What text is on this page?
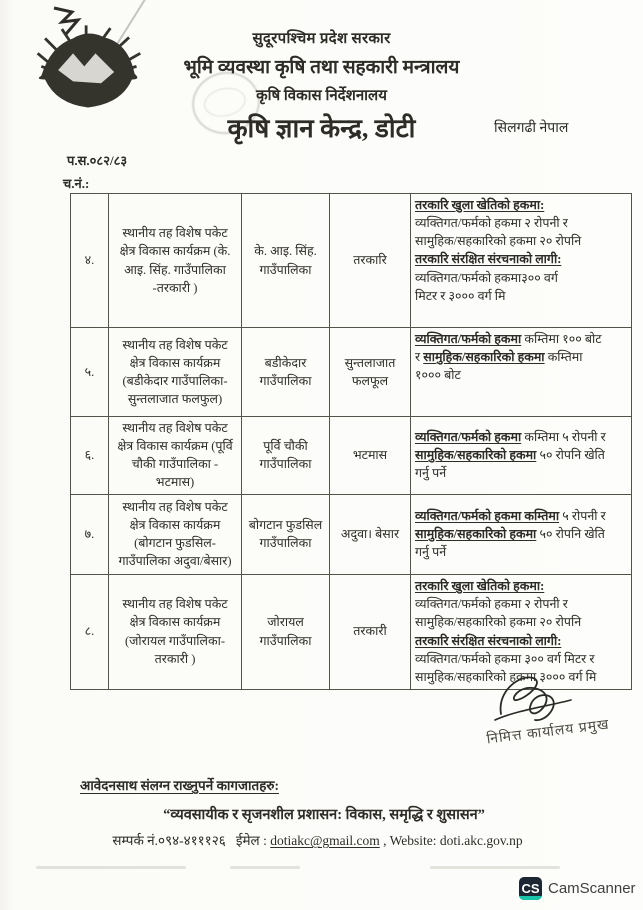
सुदूरपश्चिम प्रदेश सरकार
भूमि व्यवस्था कृषि तथा सहकारी मन्त्रालय
कृषि विकास निर्देशनालय
कृषि ज्ञान केन्द्र, डोटी	सिलगढी नेपाल
प.स.०८२/८३
च.नं.:
४.	स्थानीय तह विशेष पकेट क्षेत्र विकास कार्यक्रम (के. आइ. सिंह. गाउँपालिका -तरकारी )	के. आइ. सिंह. गाउँपालिका	तरकारि	
तरकारि खुला खेतिको हकमा:
व्यक्तिगत/फर्मको हकमा २ रोपनी र
सामुहिक/सहकारिको हकमा २० रोपनि
तरकारि संरक्षित संरचनाको लागी:
व्यक्तिगत/फर्मको हकमा३०० वर्ग
मिटर र ३००० वर्ग मि

५.	स्थानीय तह विशेष पकेट क्षेत्र विकास कार्यक्रम (बडीकेदार गाउँपालिका- सुन्तलाजात फलफुल)	बडीकेदार गाउँपालिका	सुन्तलाजात फलफूल	व्यक्तिगत/फर्मको हकमा कम्तिमा १०० बोट
र सामुहिक/सहकारिको हकमा कम्तिमा
१००० बोट

६.	स्थानीय तह विशेष पकेट क्षेत्र विकास कार्यक्रम (पूर्वि चौकी गाउँपालिका - भटमास)	पूर्वि चौकी गाउँपालिका	भटमास	व्यक्तिगत/फर्मको हकमा कम्तिमा ५ रोपनी र
सामुहिक/सहकारिको हकमा ५० रोपनि खेति
गर्नु पर्ने

७.	स्थानीय तह विशेष पकेट क्षेत्र विकास कार्यक्रम (बोगटान फुडसिल- गाउँपालिका अदुवा/बेसार)	बोगटान फुडसिल गाउँपालिका	अदुवा। बेसार	व्यक्तिगत/फर्मको हकमा कम्तिमा ५ रोपनी र
सामुहिक/सहकारिको हकमा ५० रोपनि खेति
गर्नु पर्ने

८.	स्थानीय तह विशेष पकेट क्षेत्र विकास कार्यक्रम (जोरायल गाउँपालिका- तरकारी )	जोरायल गाउँपालिका	तरकारी	
तरकारि खुला खेतिको हकमा:
व्यक्तिगत/फर्मको हकमा २ रोपनी र
सामुहिक/सहकारिको हकमा २० रोपनि
तरकारि संरक्षित संरचनाको लागी:
व्यक्तिगत/फर्मको हकमा ३०० वर्ग मिटर र
सामुहिक/सहकारिको हकमा ३००० वर्ग मि
निमित्त कार्यालय प्रमुख
आवेदनसाथ संलग्न राख्नुपर्ने कागजातहरु:
“व्यवसायीक र सृजनशील प्रशासन: विकास, समृद्धि र शुसासन”
सम्पर्क नं.०९४-४१११२६ ईमेल : dotiakc@gmail.com , Website: doti.akc.gov.np
CS CamScanner
